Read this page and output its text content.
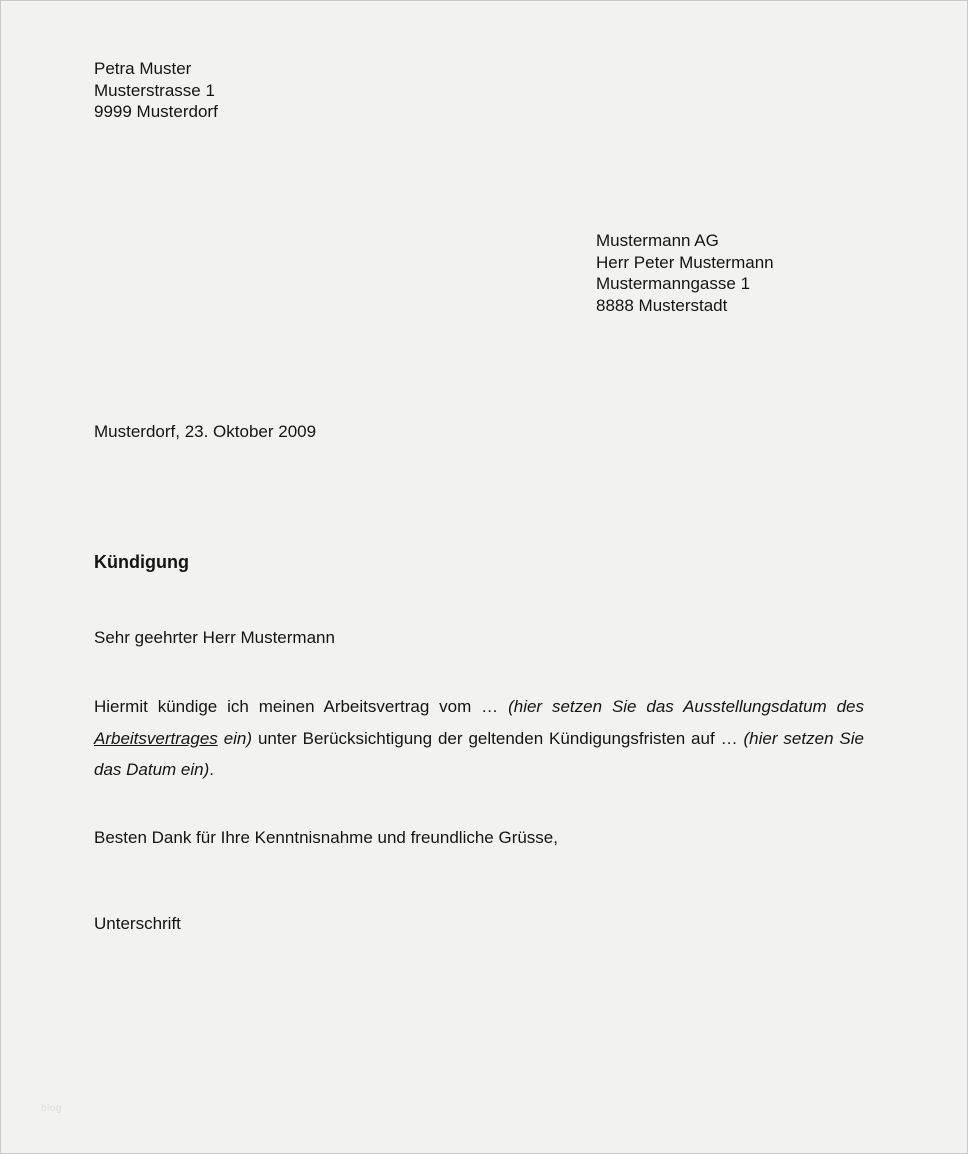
Petra Muster
Musterstrasse 1
9999 Musterdorf
Mustermann AG
Herr Peter Mustermann
Mustermanngasse 1
8888 Musterstadt
Musterdorf, 23. Oktober 2009
Kündigung
Sehr geehrter Herr Mustermann
Hiermit kündige ich meinen Arbeitsvertrag vom … (hier setzen Sie das Ausstellungsdatum des Arbeitsvertrages ein) unter Berücksichtigung der geltenden Kündigungsfristen auf … (hier setzen Sie das Datum ein).
Besten Dank für Ihre Kenntnisnahme und freundliche Grüsse,
Unterschrift
blog
